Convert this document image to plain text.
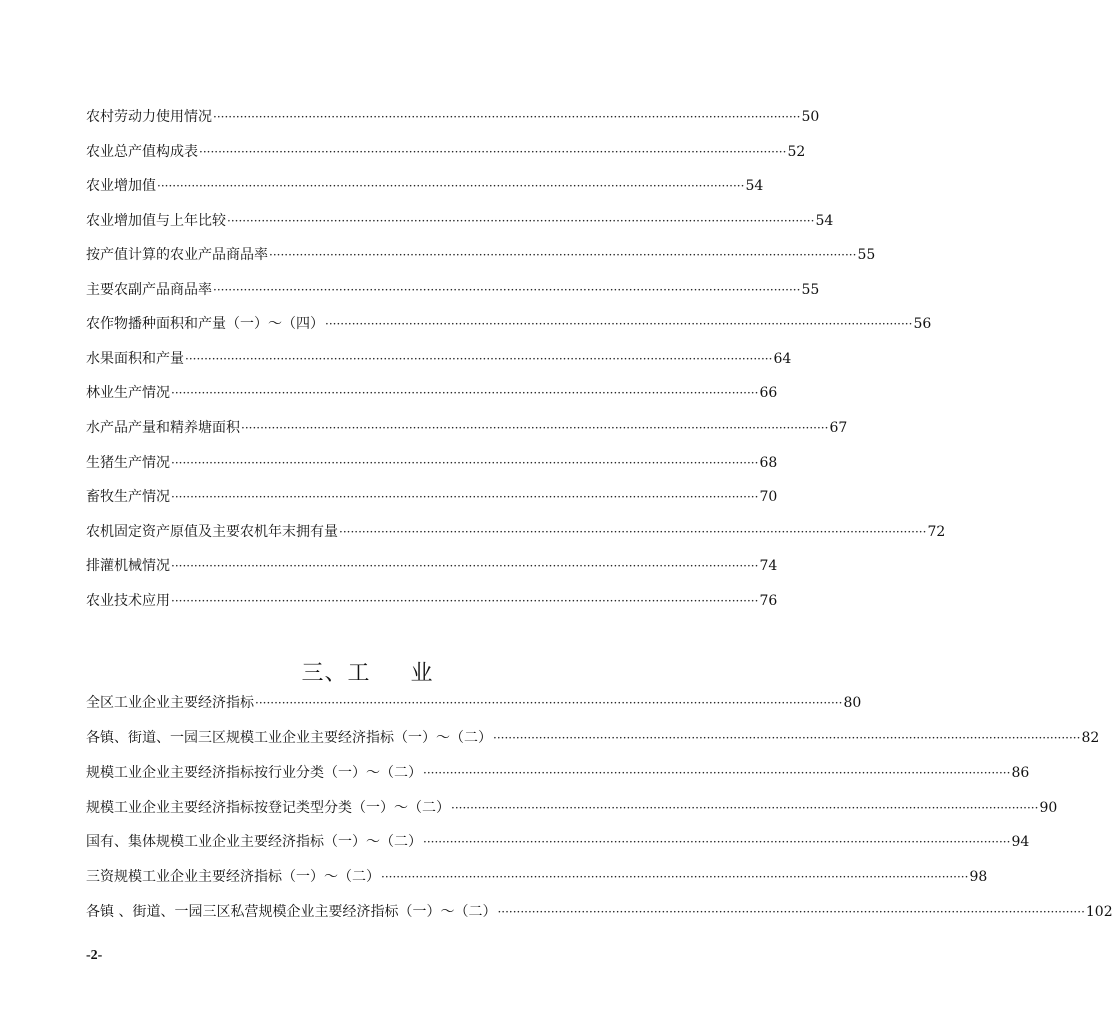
农村劳动力使用情况 ·························································································································································· 50
农业总产值构成表 ·························································································································································· 52
农业增加值 ·························································································································································· 54
农业增加值与上年比较 ·························································································································································· 54
按产值计算的农业产品商品率 ·························································································································································· 55
主要农副产品商品率 ·························································································································································· 55
农作物播种面积和产量（一）～（四） ·························································································································································· 56
水果面积和产量 ·························································································································································· 64
林业生产情况 ·························································································································································· 66
水产品产量和精养塘面积 ·························································································································································· 67
生猪生产情况 ·························································································································································· 68
畜牧生产情况 ·························································································································································· 70
农机固定资产原值及主要农机年末拥有量 ·························································································································································· 72
排灌机械情况 ·························································································································································· 74
农业技术应用 ·························································································································································· 76
三、工 业
全区工业企业主要经济指标 ·························································································································································· 80
各镇、街道、一园三区规模工业企业主要经济指标（一）～（二） ·························································································································································· 82
规模工业企业主要经济指标按行业分类（一）～（二） ·························································································································································· 86
规模工业企业主要经济指标按登记类型分类（一）～（二） ·························································································································································· 90
国有、集体规模工业企业主要经济指标（一）～（二） ·························································································································································· 94
三资规模工业企业主要经济指标（一）～（二） ·························································································································································· 98
各镇 、街道、一园三区私营规模企业主要经济指标（一）～（二） ·························································································································································· 102
-2-
